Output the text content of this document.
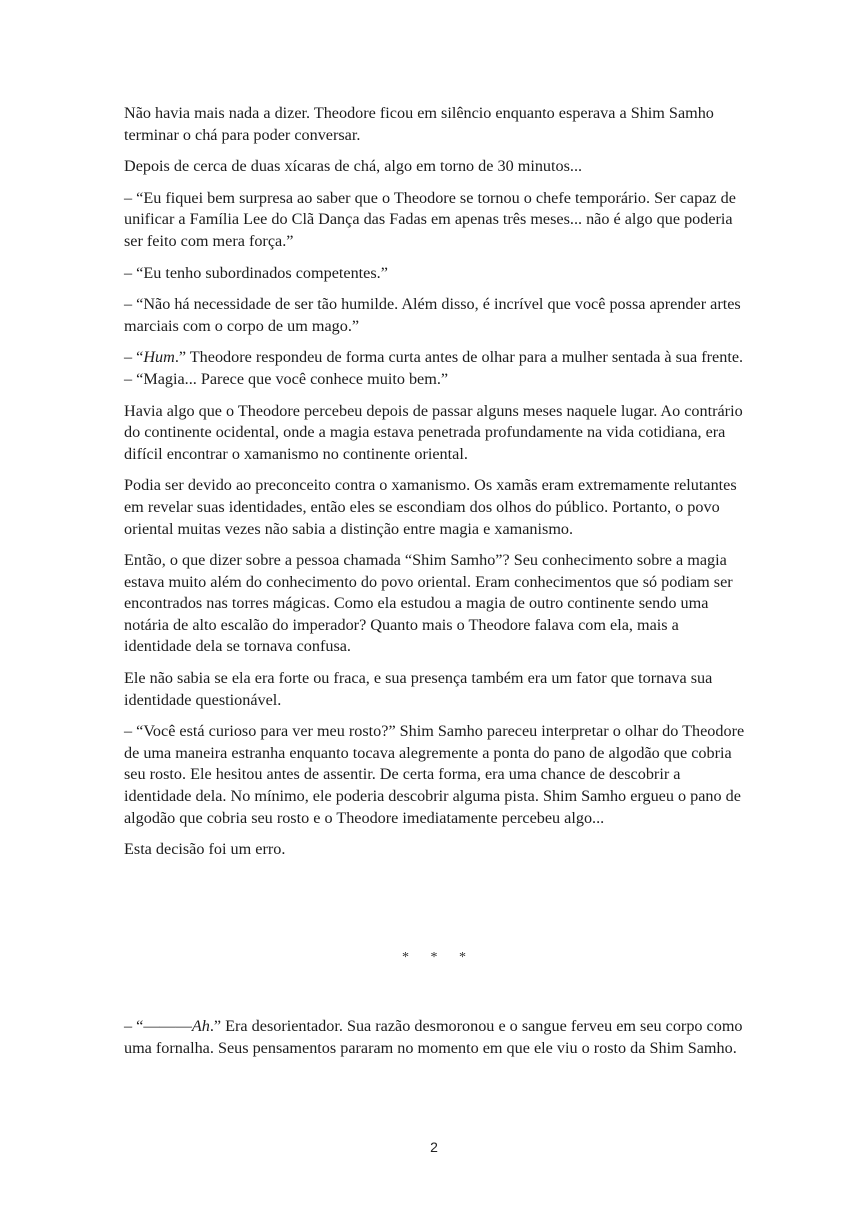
Não havia mais nada a dizer. Theodore ficou em silêncio enquanto esperava a Shim Samho terminar o chá para poder conversar.

Depois de cerca de duas xícaras de chá, algo em torno de 30 minutos...

– “Eu fiquei bem surpresa ao saber que o Theodore se tornou o chefe temporário. Ser capaz de unificar a Família Lee do Clã Dança das Fadas em apenas três meses... não é algo que poderia ser feito com mera força.”

– “Eu tenho subordinados competentes.”

– “Não há necessidade de ser tão humilde. Além disso, é incrível que você possa aprender artes marciais com o corpo de um mago.”

– “Hum.” Theodore respondeu de forma curta antes de olhar para a mulher sentada à sua frente. – “Magia... Parece que você conhece muito bem.”

Havia algo que o Theodore percebeu depois de passar alguns meses naquele lugar. Ao contrário do continente ocidental, onde a magia estava penetrada profundamente na vida cotidiana, era difícil encontrar o xamanismo no continente oriental.

Podia ser devido ao preconceito contra o xamanismo. Os xamãs eram extremamente relutantes em revelar suas identidades, então eles se escondiam dos olhos do público. Portanto, o povo oriental muitas vezes não sabia a distinção entre magia e xamanismo.

Então, o que dizer sobre a pessoa chamada “Shim Samho”? Seu conhecimento sobre a magia estava muito além do conhecimento do povo oriental. Eram conhecimentos que só podiam ser encontrados nas torres mágicas. Como ela estudou a magia de outro continente sendo uma notária de alto escalão do imperador? Quanto mais o Theodore falava com ela, mais a identidade dela se tornava confusa.

Ele não sabia se ela era forte ou fraca, e sua presença também era um fator que tornava sua identidade questionável.

– “Você está curioso para ver meu rosto?” Shim Samho pareceu interpretar o olhar do Theodore de uma maneira estranha enquanto tocava alegremente a ponta do pano de algodão que cobria seu rosto. Ele hesitou antes de assentir. De certa forma, era uma chance de descobrir a identidade dela. No mínimo, ele poderia descobrir alguma pista. Shim Samho ergueu o pano de algodão que cobria seu rosto e o Theodore imediatamente percebeu algo...

Esta decisão foi um erro.

* * *

– “———Ah.” Era desorientador. Sua razão desmoronou e o sangue ferveu em seu corpo como uma fornalha. Seus pensamentos pararam no momento em que ele viu o rosto da Shim Samho.

2
